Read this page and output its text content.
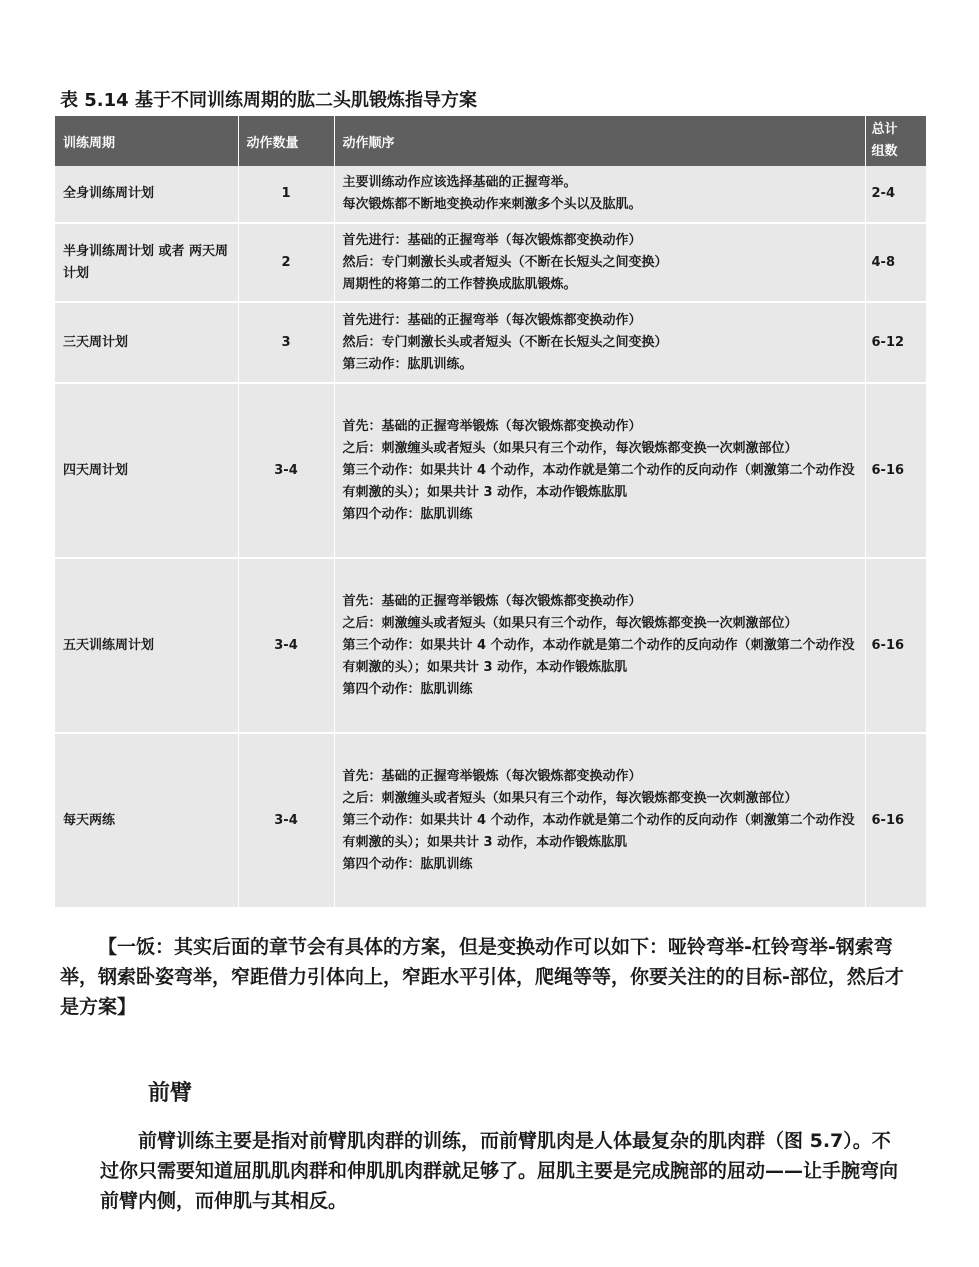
表 5.14 基于不同训练周期的肱二头肌锻炼指导方案
训练周期	动作数量	动作顺序	总计
组数

全身训练周计划	1	主要训练动作应该选择基础的正握弯举。
每次锻炼都不断地变换动作来刺激多个头以及肱肌。	2-4
半身训练周计划 或者 两天周计划	2	首先进行：基础的正握弯举（每次锻炼都变换动作）
然后：专门刺激长头或者短头（不断在长短头之间变换）
周期性的将第二的工作替换成肱肌锻炼。	4-8
三天周计划	3	首先进行：基础的正握弯举（每次锻炼都变换动作）
然后：专门刺激长头或者短头（不断在长短头之间变换）
第三动作：肱肌训练。	6-12
四天周计划	3-4	首先：基础的正握弯举锻炼（每次锻炼都变换动作）
之后：刺激缠头或者短头（如果只有三个动作，每次锻炼都变换一次刺激部位）
第三个动作：如果共计 4 个动作，本动作就是第二个动作的反向动作（刺激第二个动作没有刺激的头）；如果共计 3 动作，本动作锻炼肱肌
第四个动作：肱肌训练	6-16
五天训练周计划	3-4	首先：基础的正握弯举锻炼（每次锻炼都变换动作）
之后：刺激缠头或者短头（如果只有三个动作，每次锻炼都变换一次刺激部位）
第三个动作：如果共计 4 个动作，本动作就是第二个动作的反向动作（刺激第二个动作没有刺激的头）；如果共计 3 动作，本动作锻炼肱肌
第四个动作：肱肌训练	6-16
每天两练	3-4	首先：基础的正握弯举锻炼（每次锻炼都变换动作）
之后：刺激缠头或者短头（如果只有三个动作，每次锻炼都变换一次刺激部位）
第三个动作：如果共计 4 个动作，本动作就是第二个动作的反向动作（刺激第二个动作没有刺激的头）；如果共计 3 动作，本动作锻炼肱肌
第四个动作：肱肌训练	6-16
【一饭：其实后面的章节会有具体的方案，但是变换动作可以如下：哑铃弯举-杠铃弯举-钢索弯举，钢索卧姿弯举，窄距借力引体向上，窄距水平引体，爬绳等等，你要关注的的目标-部位，然后才是方案】
前臂
前臂训练主要是指对前臂肌肉群的训练，而前臂肌肉是人体最复杂的肌肉群（图 5.7）。不过你只需要知道屈肌肌肉群和伸肌肌肉群就足够了。屈肌主要是完成腕部的屈动——让手腕弯向前臂内侧，而伸肌与其相反。
